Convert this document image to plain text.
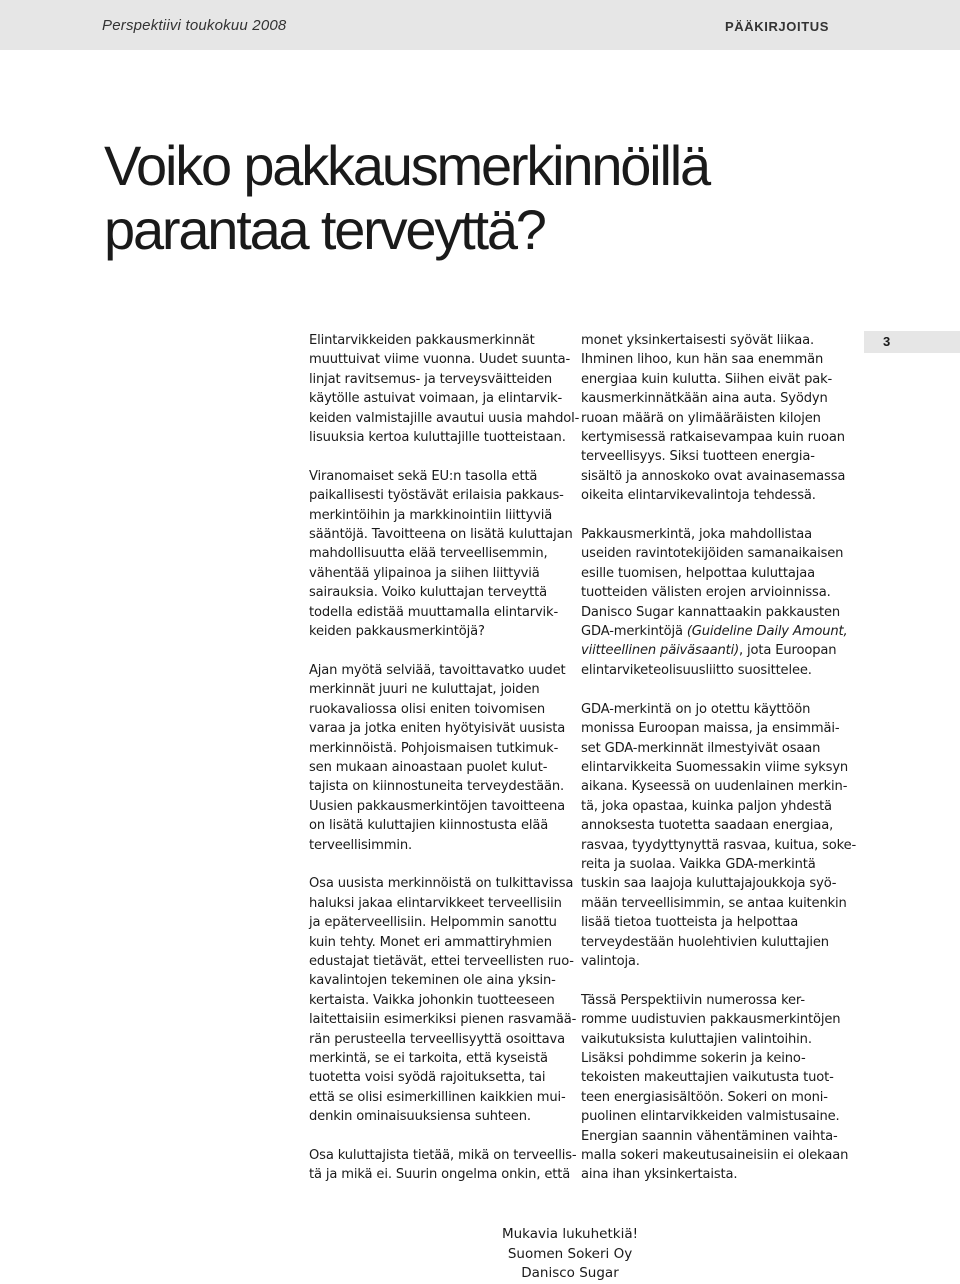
Perspektiivi toukokuu 2008	PÄÄKIRJOITUS
Voiko pakkausmerkinnöillä
parantaa terveyttä?
3

Elintarvikkeiden pakkausmerkinnät
muuttuivat viime vuonna. Uudet suunta-
linjat ravitsemus- ja terveysväitteiden
käytölle astuivat voimaan, ja elintarvik-
keiden valmistajille avautui uusia mahdol-
lisuuksia kertoa kuluttajille tuotteistaan.

Viranomaiset sekä EU:n tasolla että
paikallisesti työstävät erilaisia pakkaus-
merkintöihin ja markkinointiin liittyviä
sääntöjä. Tavoitteena on lisätä kuluttajan
mahdollisuutta elää terveellisemmin,
vähentää ylipainoa ja siihen liittyviä
sairauksia. Voiko kuluttajan terveyttä
todella edistää muuttamalla elintarvik-
keiden pakkausmerkintöjä?

Ajan myötä selviää, tavoittavatko uudet
merkinnät juuri ne kuluttajat, joiden
ruokavaliossa olisi eniten toivomisen
varaa ja jotka eniten hyötyisivät uusista
merkinnöistä. Pohjoismaisen tutkimuk-
sen mukaan ainoastaan puolet kulut-
tajista on kiinnostuneita terveydestään.
Uusien pakkausmerkintöjen tavoitteena
on lisätä kuluttajien kiinnostusta elää
terveellisimmin.

Osa uusista merkinnöistä on tulkittavissa
haluksi jakaa elintarvikkeet terveellisiin
ja epäterveellisiin. Helpommin sanottu
kuin tehty. Monet eri ammattiryhmien
edustajat tietävät, ettei terveellisten ruo-
kavalintojen tekeminen ole aina yksin-
kertaista. Vaikka johonkin tuotteeseen
laitettaisiin esimerkiksi pienen rasvamää-
rän perusteella terveellisyyttä osoittava
merkintä, se ei tarkoita, että kyseistä
tuotetta voisi syödä rajoituksetta, tai
että se olisi esimerkillinen kaikkien mui-
denkin ominaisuuksiensa suhteen.

Osa kuluttajista tietää, mikä on terveellis-
tä ja mikä ei. Suurin ongelma onkin, että

monet yksinkertaisesti syövät liikaa.
Ihminen lihoo, kun hän saa enemmän
energiaa kuin kulutta. Siihen eivät pak-
kausmerkinnätkään aina auta. Syödyn
ruoan määrä on ylimääräisten kilojen
kertymisessä ratkaisevampaa kuin ruoan
terveellisyys. Siksi tuotteen energia-
sisältö ja annoskoko ovat avainasemassa
oikeita elintarvikevalintoja tehdessä.

Pakkausmerkintä, joka mahdollistaa
useiden ravintotekijöiden samanaikaisen
esille tuomisen, helpottaa kuluttajaa
tuotteiden välisten erojen arvioinnissa.
Danisco Sugar kannattaakin pakkausten
GDA-merkintöjä (Guideline Daily Amount,
viitteellinen päiväsaanti), jota Euroopan
elintarviketeolisuusliitto suosittelee.

GDA-merkintä on jo otettu käyttöön
monissa Euroopan maissa, ja ensimmäi-
set GDA-merkinnät ilmestyivät osaan
elintarvikkeita Suomessakin viime syksyn
aikana. Kyseessä on uudenlainen merkin-
tä, joka opastaa, kuinka paljon yhdestä
annoksesta tuotetta saadaan energiaa,
rasvaa, tyydyttynyttä rasvaa, kuitua, soke-
reita ja suolaa. Vaikka GDA-merkintä
tuskin saa laajoja kuluttajajoukkoja syö-
mään terveellisimmin, se antaa kuitenkin
lisää tietoa tuotteista ja helpottaa
terveydestään huolehtivien kuluttajien
valintoja.

Tässä Perspektiivin numerossa ker-
romme uudistuvien pakkausmerkintöjen
vaikutuksista kuluttajien valintoihin.
Lisäksi pohdimme sokerin ja keino-
tekoisten makeuttajien vaikutusta tuot-
teen energiasisältöön. Sokeri on moni-
puolinen elintarvikkeiden valmistusaine.
Energian saannin vähentäminen vaihta-
malla sokeri makeutusaineisiin ei olekaan
aina ihan yksinkertaista.

Mukavia lukuhetkiä!
Suomen Sokeri Oy
Danisco Sugar
